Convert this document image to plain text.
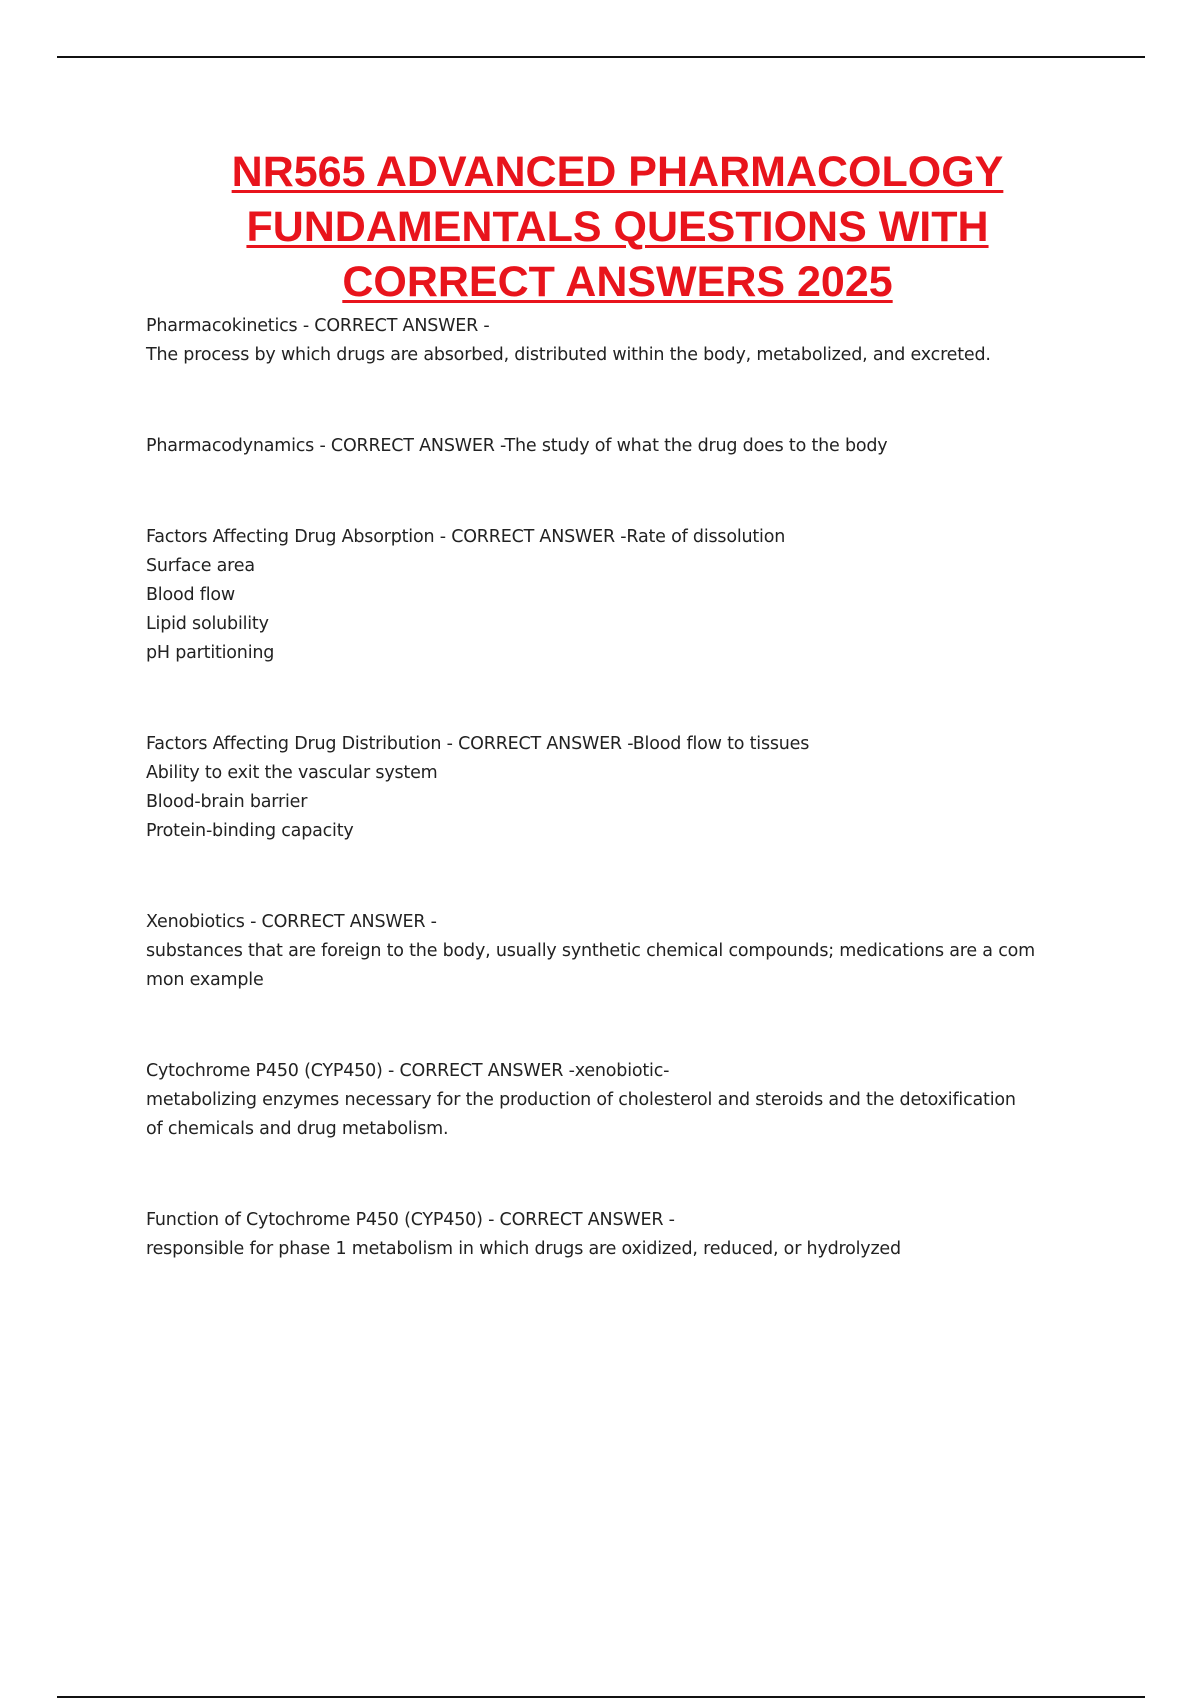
NR565 ADVANCED PHARMACOLOGY
FUNDAMENTALS QUESTIONS WITH
CORRECT ANSWERS 2025

Pharmacokinetics - CORRECT ANSWER -

The process by which drugs are absorbed, distributed within the body, metabolized, and excreted.

Pharmacodynamics - CORRECT ANSWER -The study of what the drug does to the body

Factors Affecting Drug Absorption - CORRECT ANSWER -Rate of dissolution

Surface area

Blood flow

Lipid solubility

pH partitioning

Factors Affecting Drug Distribution - CORRECT ANSWER -Blood flow to tissues

Ability to exit the vascular system

Blood-brain barrier

Protein-binding capacity

Xenobiotics - CORRECT ANSWER -

substances that are foreign to the body, usually synthetic chemical compounds; medications are a com

mon example

Cytochrome P450 (CYP450) - CORRECT ANSWER -xenobiotic-

metabolizing enzymes necessary for the production of cholesterol and steroids and the detoxification

of chemicals and drug metabolism.

Function of Cytochrome P450 (CYP450) - CORRECT ANSWER -

responsible for phase 1 metabolism in which drugs are oxidized, reduced, or hydrolyzed
